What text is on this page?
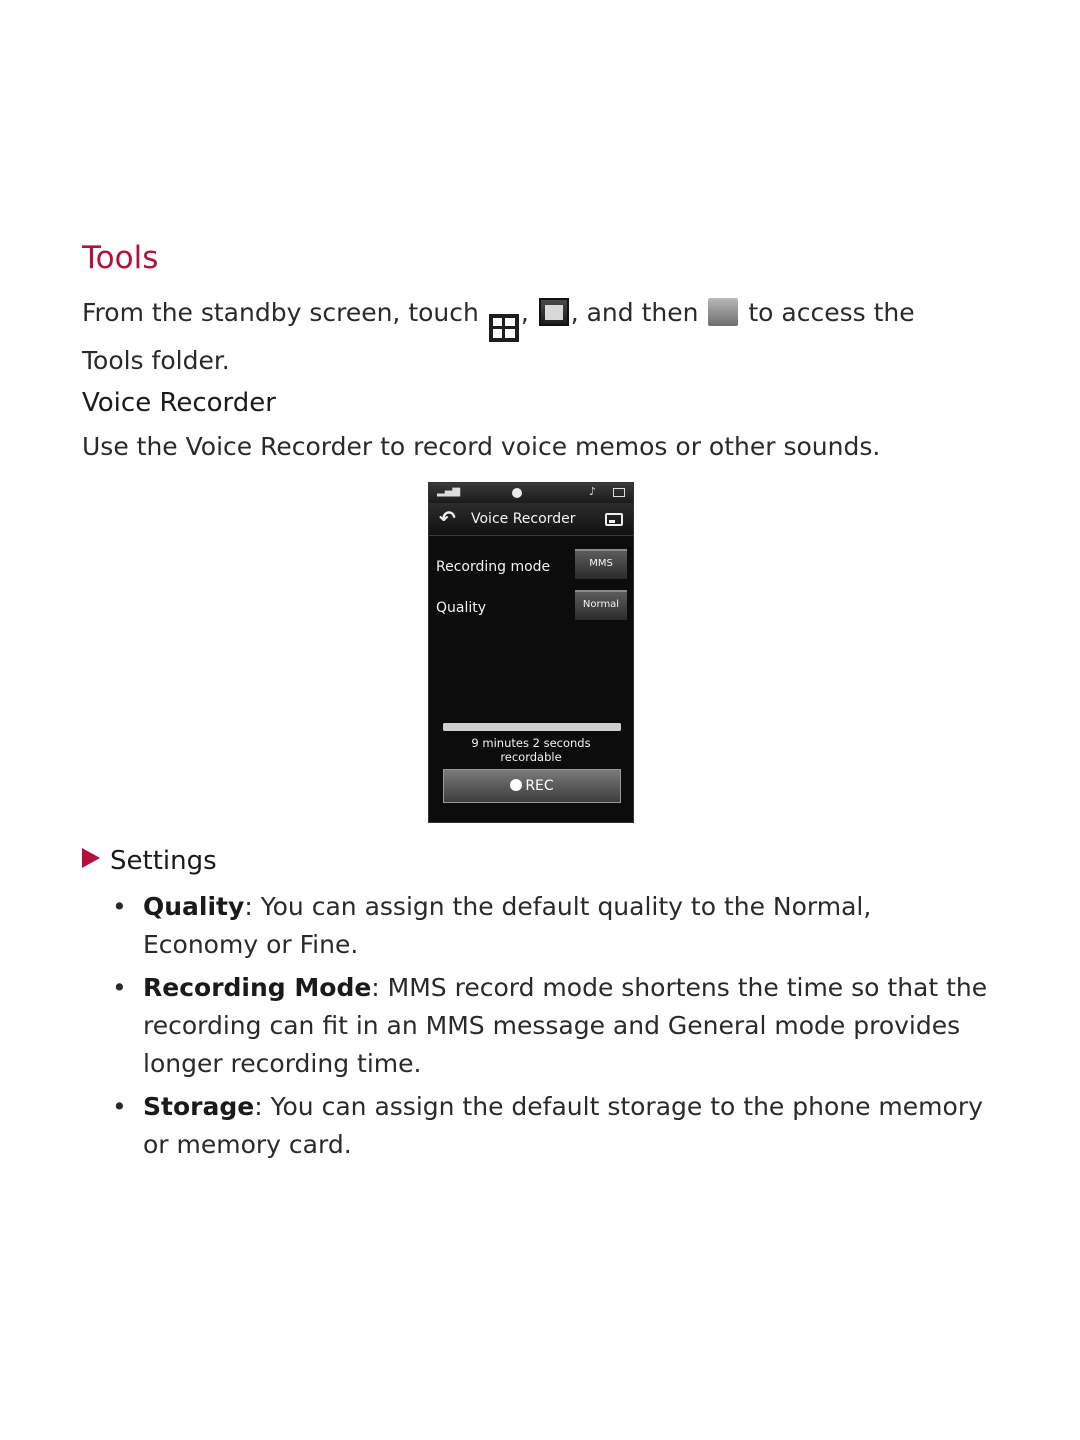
Tools

From the standby screen, touch
, , and then  to access the Tools folder.

Voice Recorder

Use the Voice Recorder to record voice memos or other sounds.

▂▄▆	♪
↶ Voice Recorder
Recording mode	MMS
Quality	Normal
9 minutes 2 seconds
recordable
REC
Settings
• Quality: You can assign the default quality to the Normal, Economy or Fine.
• Recording Mode: MMS record mode shortens the time so that the recording can fit in an MMS message and General mode provides longer recording time.
• Storage: You can assign the default storage to the phone memory or memory card.
